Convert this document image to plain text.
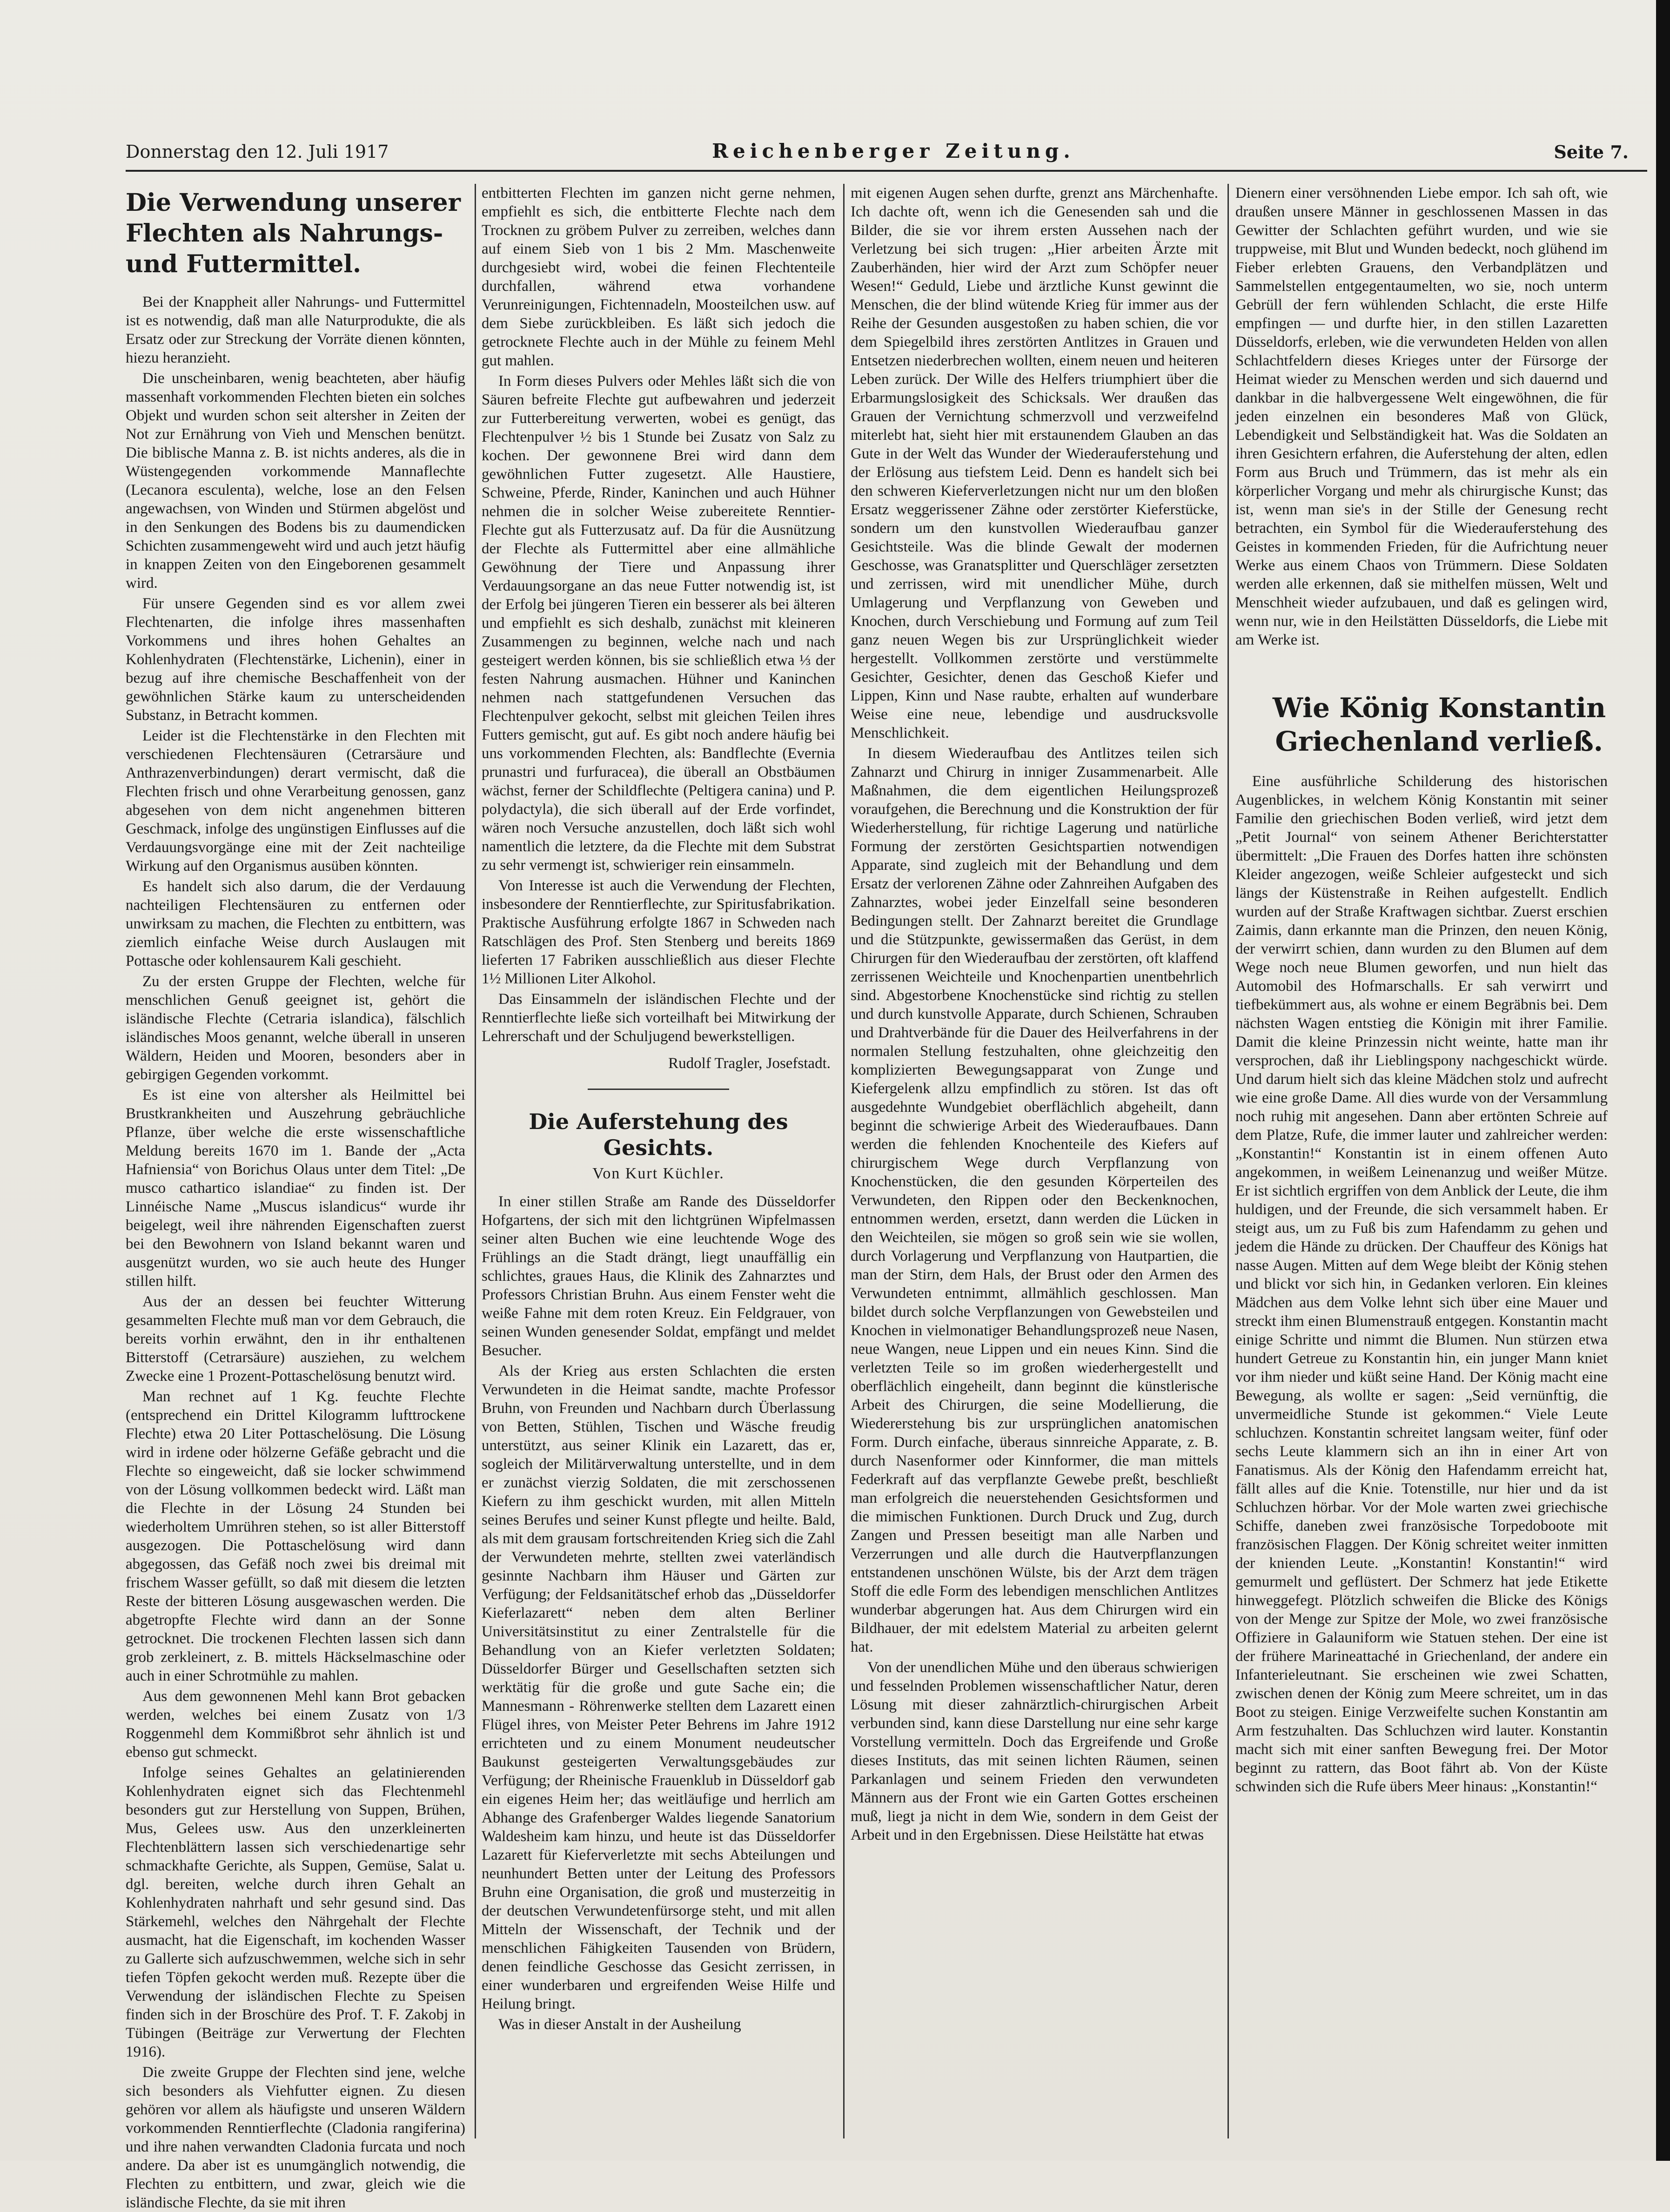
Donnerstag den 12. Juli 1917	Reichenberger Zeitung.	Seite 7.
Die Verwendung unserer Flechten als Nahrungs- und Futtermittel.

Bei der Knappheit aller Nahrungs- und Futtermittel ist es notwendig, daß man alle Naturprodukte, die als Ersatz oder zur Streckung der Vorräte dienen könnten, hiezu heranzieht.

Die unscheinbaren, wenig beachteten, aber häufig massenhaft vorkommenden Flechten bieten ein solches Objekt und wurden schon seit altersher in Zeiten der Not zur Ernährung von Vieh und Menschen benützt. Die biblische Manna z. B. ist nichts anderes, als die in Wüstengegenden vorkommende Mannaflechte (Lecanora esculenta), welche, lose an den Felsen angewachsen, von Winden und Stürmen abgelöst und in den Senkungen des Bodens bis zu daumendicken Schichten zusammengeweht wird und auch jetzt häufig in knappen Zeiten von den Eingeborenen gesammelt wird.

Für unsere Gegenden sind es vor allem zwei Flechtenarten, die infolge ihres massenhaften Vorkommens und ihres hohen Gehaltes an Kohlenhydraten (Flechtenstärke, Lichenin), einer in bezug auf ihre chemische Beschaffenheit von der gewöhnlichen Stärke kaum zu unterscheidenden Substanz, in Betracht kommen.

Leider ist die Flechtenstärke in den Flechten mit verschiedenen Flechtensäuren (Cetrarsäure und Anthrazenverbindungen) derart vermischt, daß die Flechten frisch und ohne Verarbeitung genossen, ganz abgesehen von dem nicht angenehmen bitteren Geschmack, infolge des ungünstigen Einflusses auf die Verdauungsvorgänge eine mit der Zeit nachteilige Wirkung auf den Organismus ausüben könnten.

Es handelt sich also darum, die der Verdauung nachteiligen Flechtensäuren zu entfernen oder unwirksam zu machen, die Flechten zu entbittern, was ziemlich einfache Weise durch Auslaugen mit Pottasche oder kohlensaurem Kali geschieht.

Zu der ersten Gruppe der Flechten, welche für menschlichen Genuß geeignet ist, gehört die isländische Flechte (Cetraria islandica), fälschlich isländisches Moos genannt, welche überall in unseren Wäldern, Heiden und Mooren, besonders aber in gebirgigen Gegenden vorkommt.

Es ist eine von altersher als Heilmittel bei Brustkrankheiten und Auszehrung gebräuchliche Pflanze, über welche die erste wissenschaftliche Meldung bereits 1670 im 1. Bande der „Acta Hafniensia“ von Borichus Olaus unter dem Titel: „De musco cathartico islandiae“ zu finden ist. Der Linnéische Name „Muscus islandicus“ wurde ihr beigelegt, weil ihre nährenden Eigenschaften zuerst bei den Bewohnern von Island bekannt waren und ausgenützt wurden, wo sie auch heute des Hunger stillen hilft.

Aus der an dessen bei feuchter Witterung gesammelten Flechte muß man vor dem Gebrauch, die bereits vorhin erwähnt, den in ihr enthaltenen Bitterstoff (Cetrarsäure) ausziehen, zu welchem Zwecke eine 1 Prozent-Pottaschelösung benutzt wird.

Man rechnet auf 1 Kg. feuchte Flechte (entsprechend ein Drittel Kilogramm lufttrockene Flechte) etwa 20 Liter Pottaschelösung. Die Lösung wird in irdene oder hölzerne Gefäße gebracht und die Flechte so eingeweicht, daß sie locker schwimmend von der Lösung vollkommen bedeckt wird. Läßt man die Flechte in der Lösung 24 Stunden bei wiederholtem Umrühren stehen, so ist aller Bitterstoff ausgezogen. Die Pottaschelösung wird dann abgegossen, das Gefäß noch zwei bis dreimal mit frischem Wasser gefüllt, so daß mit diesem die letzten Reste der bitteren Lösung ausgewaschen werden. Die abgetropfte Flechte wird dann an der Sonne getrocknet. Die trockenen Flechten lassen sich dann grob zerkleinert, z. B. mittels Häckselmaschine oder auch in einer Schrotmühle zu mahlen.

Aus dem gewonnenen Mehl kann Brot gebacken werden, welches bei einem Zusatz von 1/3 Roggenmehl dem Kommißbrot sehr ähnlich ist und ebenso gut schmeckt.

Infolge seines Gehaltes an gelatinierenden Kohlenhydraten eignet sich das Flechtenmehl besonders gut zur Herstellung von Suppen, Brühen, Mus, Gelees usw. Aus den unzerkleinerten Flechtenblättern lassen sich verschiedenartige sehr schmackhafte Gerichte, als Suppen, Gemüse, Salat u. dgl. bereiten, welche durch ihren Gehalt an Kohlenhydraten nahrhaft und sehr gesund sind. Das Stärkemehl, welches den Nährgehalt der Flechte ausmacht, hat die Eigenschaft, im kochenden Wasser zu Gallerte sich aufzuschwemmen, welche sich in sehr tiefen Töpfen gekocht werden muß. Rezepte über die Verwendung der isländischen Flechte zu Speisen finden sich in der Broschüre des Prof. T. F. Zakobj in Tübingen (Beiträge zur Verwertung der Flechten 1916).

Die zweite Gruppe der Flechten sind jene, welche sich besonders als Viehfutter eignen. Zu diesen gehören vor allem als häufigste und unseren Wäldern vorkommenden Renntierflechte (Cladonia rangiferina) und ihre nahen verwandten Cladonia furcata und noch andere. Da aber ist es unumgänglich notwendig, die Flechten zu entbittern, und zwar, gleich wie die isländische Flechte, da sie mit ihren

entbitterten Flechten im ganzen nicht gerne nehmen, empfiehlt es sich, die entbitterte Flechte nach dem Trocknen zu gröbem Pulver zu zerreiben, welches dann auf einem Sieb von 1 bis 2 Mm. Maschenweite durchgesiebt wird, wobei die feinen Flechtenteile durchfallen, während etwa vorhandene Verunreinigungen, Fichtennadeln, Moosteilchen usw. auf dem Siebe zurückbleiben. Es läßt sich jedoch die getrocknete Flechte auch in der Mühle zu feinem Mehl gut mahlen.

In Form dieses Pulvers oder Mehles läßt sich die von Säuren befreite Flechte gut aufbewahren und jederzeit zur Futterbereitung verwerten, wobei es genügt, das Flechtenpulver ½ bis 1 Stunde bei Zusatz von Salz zu kochen. Der gewonnene Brei wird dann dem gewöhnlichen Futter zugesetzt. Alle Haustiere, Schweine, Pferde, Rinder, Kaninchen und auch Hühner nehmen die in solcher Weise zubereitete Renntier-Flechte gut als Futterzusatz auf. Da für die Ausnützung der Flechte als Futtermittel aber eine allmähliche Gewöhnung der Tiere und Anpassung ihrer Verdauungsorgane an das neue Futter notwendig ist, ist der Erfolg bei jüngeren Tieren ein besserer als bei älteren und empfiehlt es sich deshalb, zunächst mit kleineren Zusammengen zu beginnen, welche nach und nach gesteigert werden können, bis sie schließlich etwa ⅓ der festen Nahrung ausmachen. Hühner und Kaninchen nehmen nach stattgefundenen Versuchen das Flechtenpulver gekocht, selbst mit gleichen Teilen ihres Futters gemischt, gut auf. Es gibt noch andere häufig bei uns vorkommenden Flechten, als: Bandflechte (Evernia prunastri und furfuracea), die überall an Obstbäumen wächst, ferner der Schildflechte (Peltigera canina) und P. polydactyla), die sich überall auf der Erde vorfindet, wären noch Versuche anzustellen, doch läßt sich wohl namentlich die letztere, da die Flechte mit dem Substrat zu sehr vermengt ist, schwieriger rein einsammeln.

Von Interesse ist auch die Verwendung der Flechten, insbesondere der Renntierflechte, zur Spiritusfabrikation. Praktische Ausführung erfolgte 1867 in Schweden nach Ratschlägen des Prof. Sten Stenberg und bereits 1869 lieferten 17 Fabriken ausschließlich aus dieser Flechte 1½ Millionen Liter Alkohol.

Das Einsammeln der isländischen Flechte und der Renntierflechte ließe sich vorteilhaft bei Mitwirkung der Lehrerschaft und der Schuljugend bewerkstelligen.

Rudolf Tragler, Josefstadt.
Die Auferstehung des Gesichts.
Von Kurt Küchler.

In einer stillen Straße am Rande des Düsseldorfer Hofgartens, der sich mit den lichtgrünen Wipfelmassen seiner alten Buchen wie eine leuchtende Woge des Frühlings an die Stadt drängt, liegt unauffällig ein schlichtes, graues Haus, die Klinik des Zahnarztes und Professors Christian Bruhn. Aus einem Fenster weht die weiße Fahne mit dem roten Kreuz. Ein Feldgrauer, von seinen Wunden genesender Soldat, empfängt und meldet Besucher.

Als der Krieg aus ersten Schlachten die ersten Verwundeten in die Heimat sandte, machte Professor Bruhn, von Freunden und Nachbarn durch Überlassung von Betten, Stühlen, Tischen und Wäsche freudig unterstützt, aus seiner Klinik ein Lazarett, das er, sogleich der Militärverwaltung unterstellte, und in dem er zunächst vierzig Soldaten, die mit zerschossenen Kiefern zu ihm geschickt wurden, mit allen Mitteln seines Berufes und seiner Kunst pflegte und heilte. Bald, als mit dem grausam fortschreitenden Krieg sich die Zahl der Verwundeten mehrte, stellten zwei vaterländisch gesinnte Nachbarn ihm Häuser und Gärten zur Verfügung; der Feldsanitätschef erhob das „Düsseldorfer Kieferlazarett“ neben dem alten Berliner Universitätsinstitut zu einer Zentralstelle für die Behandlung von an Kiefer verletzten Soldaten; Düsseldorfer Bürger und Gesellschaften setzten sich werktätig für die große und gute Sache ein; die Mannesmann - Röhrenwerke stellten dem Lazarett einen Flügel ihres, von Meister Peter Behrens im Jahre 1912 errichteten und zu einem Monument neudeutscher Baukunst gesteigerten Verwaltungsgebäudes zur Verfügung; der Rheinische Frauenklub in Düsseldorf gab ein eigenes Heim her; das weitläufige und herrlich am Abhange des Grafenberger Waldes liegende Sanatorium Waldesheim kam hinzu, und heute ist das Düsseldorfer Lazarett für Kieferverletzte mit sechs Abteilungen und neunhundert Betten unter der Leitung des Professors Bruhn eine Organisation, die groß und musterzeitig in der deutschen Verwundetenfürsorge steht, und mit allen Mitteln der Wissenschaft, der Technik und der menschlichen Fähigkeiten Tausenden von Brüdern, denen feindliche Geschosse das Gesicht zerrissen, in einer wunderbaren und ergreifenden Weise Hilfe und Heilung bringt.

Was in dieser Anstalt in der Ausheilung

mit eigenen Augen sehen durfte, grenzt ans Märchenhafte. Ich dachte oft, wenn ich die Genesenden sah und die Bilder, die sie vor ihrem ersten Aussehen nach der Verletzung bei sich trugen: „Hier arbeiten Ärzte mit Zauberhänden, hier wird der Arzt zum Schöpfer neuer Wesen!“ Geduld, Liebe und ärztliche Kunst gewinnt die Menschen, die der blind wütende Krieg für immer aus der Reihe der Gesunden ausgestoßen zu haben schien, die vor dem Spiegelbild ihres zerstörten Antlitzes in Grauen und Entsetzen niederbrechen wollten, einem neuen und heiteren Leben zurück. Der Wille des Helfers triumphiert über die Erbarmungslosigkeit des Schicksals. Wer draußen das Grauen der Vernichtung schmerzvoll und verzweifelnd miterlebt hat, sieht hier mit erstaunendem Glauben an das Gute in der Welt das Wunder der Wiederauferstehung und der Erlösung aus tiefstem Leid. Denn es handelt sich bei den schweren Kieferverletzungen nicht nur um den bloßen Ersatz weggerissener Zähne oder zerstörter Kieferstücke, sondern um den kunstvollen Wiederaufbau ganzer Gesichtsteile. Was die blinde Gewalt der modernen Geschosse, was Granatsplitter und Querschläger zersetzten und zerrissen, wird mit unendlicher Mühe, durch Umlagerung und Verpflanzung von Geweben und Knochen, durch Verschiebung und Formung auf zum Teil ganz neuen Wegen bis zur Ursprünglichkeit wieder hergestellt. Vollkommen zerstörte und verstümmelte Gesichter, Gesichter, denen das Geschoß Kiefer und Lippen, Kinn und Nase raubte, erhalten auf wunderbare Weise eine neue, lebendige und ausdrucksvolle Menschlichkeit.

In diesem Wiederaufbau des Antlitzes teilen sich Zahnarzt und Chirurg in inniger Zusammenarbeit. Alle Maßnahmen, die dem eigentlichen Heilungsprozeß voraufgehen, die Berechnung und die Konstruktion der für Wiederherstellung, für richtige Lagerung und natürliche Formung der zerstörten Gesichtspartien notwendigen Apparate, sind zugleich mit der Behandlung und dem Ersatz der verlorenen Zähne oder Zahnreihen Aufgaben des Zahnarztes, wobei jeder Einzelfall seine besonderen Bedingungen stellt. Der Zahnarzt bereitet die Grundlage und die Stützpunkte, gewissermaßen das Gerüst, in dem Chirurgen für den Wiederaufbau der zerstörten, oft klaffend zerrissenen Weichteile und Knochenpartien unentbehrlich sind. Abgestorbene Knochenstücke sind richtig zu stellen und durch kunstvolle Apparate, durch Schienen, Schrauben und Drahtverbände für die Dauer des Heilverfahrens in der normalen Stellung festzuhalten, ohne gleichzeitig den komplizierten Bewegungsapparat von Zunge und Kiefergelenk allzu empfindlich zu stören. Ist das oft ausgedehnte Wundgebiet oberflächlich abgeheilt, dann beginnt die schwierige Arbeit des Wiederaufbaues. Dann werden die fehlenden Knochenteile des Kiefers auf chirurgischem Wege durch Verpflanzung von Knochenstücken, die den gesunden Körperteilen des Verwundeten, den Rippen oder den Beckenknochen, entnommen werden, ersetzt, dann werden die Lücken in den Weichteilen, sie mögen so groß sein wie sie wollen, durch Vorlagerung und Verpflanzung von Hautpartien, die man der Stirn, dem Hals, der Brust oder den Armen des Verwundeten entnimmt, allmählich geschlossen. Man bildet durch solche Verpflanzungen von Gewebsteilen und Knochen in vielmonatiger Behandlungsprozeß neue Nasen, neue Wangen, neue Lippen und ein neues Kinn. Sind die verletzten Teile so im großen wiederhergestellt und oberflächlich eingeheilt, dann beginnt die künstlerische Arbeit des Chirurgen, die seine Modellierung, die Wiedererstehung bis zur ursprünglichen anatomischen Form. Durch einfache, überaus sinnreiche Apparate, z. B. durch Nasenformer oder Kinnformer, die man mittels Federkraft auf das verpflanzte Gewebe preßt, beschließt man erfolgreich die neuerstehenden Gesichtsformen und die mimischen Funktionen. Durch Druck und Zug, durch Zangen und Pressen beseitigt man alle Narben und Verzerrungen und alle durch die Hautverpflanzungen entstandenen unschönen Wülste, bis der Arzt dem trägen Stoff die edle Form des lebendigen menschlichen Antlitzes wunderbar abgerungen hat. Aus dem Chirurgen wird ein Bildhauer, der mit edelstem Material zu arbeiten gelernt hat.

Von der unendlichen Mühe und den überaus schwierigen und fesselnden Problemen wissenschaftlicher Natur, deren Lösung mit dieser zahnärztlich-chirurgischen Arbeit verbunden sind, kann diese Darstellung nur eine sehr karge Vorstellung vermitteln. Doch das Ergreifende und Große dieses Instituts, das mit seinen lichten Räumen, seinen Parkanlagen und seinem Frieden den verwundeten Männern aus der Front wie ein Garten Gottes erscheinen muß, liegt ja nicht in dem Wie, sondern in dem Geist der Arbeit und in den Ergebnissen. Diese Heilstätte hat etwas

Dienern einer versöhnenden Liebe empor. Ich sah oft, wie draußen unsere Männer in geschlossenen Massen in das Gewitter der Schlachten geführt wurden, und wie sie truppweise, mit Blut und Wunden bedeckt, noch glühend im Fieber erlebten Grauens, den Verbandplätzen und Sammelstellen entgegentaumelten, wo sie, noch unterm Gebrüll der fern wühlenden Schlacht, die erste Hilfe empfingen — und durfte hier, in den stillen Lazaretten Düsseldorfs, erleben, wie die verwundeten Helden von allen Schlachtfeldern dieses Krieges unter der Fürsorge der Heimat wieder zu Menschen werden und sich dauernd und dankbar in die halbvergessene Welt eingewöhnen, die für jeden einzelnen ein besonderes Maß von Glück, Lebendigkeit und Selbständigkeit hat. Was die Soldaten an ihren Gesichtern erfahren, die Auferstehung der alten, edlen Form aus Bruch und Trümmern, das ist mehr als ein körperlicher Vorgang und mehr als chirurgische Kunst; das ist, wenn man sie's in der Stille der Genesung recht betrachten, ein Symbol für die Wiederauferstehung des Geistes in kommenden Frieden, für die Aufrichtung neuer Werke aus einem Chaos von Trümmern. Diese Soldaten werden alle erkennen, daß sie mithelfen müssen, Welt und Menschheit wieder aufzubauen, und daß es gelingen wird, wenn nur, wie in den Heilstätten Düsseldorfs, die Liebe mit am Werke ist.

Wie König Konstantin
Griechenland verließ.

Eine ausführliche Schilderung des historischen Augenblickes, in welchem König Konstantin mit seiner Familie den griechischen Boden verließ, wird jetzt dem „Petit Journal“ von seinem Athener Berichterstatter übermittelt: „Die Frauen des Dorfes hatten ihre schönsten Kleider angezogen, weiße Schleier aufgesteckt und sich längs der Küstenstraße in Reihen aufgestellt. Endlich wurden auf der Straße Kraftwagen sichtbar. Zuerst erschien Zaimis, dann erkannte man die Prinzen, den neuen König, der verwirrt schien, dann wurden zu den Blumen auf dem Wege noch neue Blumen geworfen, und nun hielt das Automobil des Hofmarschalls. Er sah verwirrt und tiefbekümmert aus, als wohne er einem Begräbnis bei. Dem nächsten Wagen entstieg die Königin mit ihrer Familie. Damit die kleine Prinzessin nicht weinte, hatte man ihr versprochen, daß ihr Lieblingspony nachgeschickt würde. Und darum hielt sich das kleine Mädchen stolz und aufrecht wie eine große Dame. All dies wurde von der Versammlung noch ruhig mit angesehen. Dann aber ertönten Schreie auf dem Platze, Rufe, die immer lauter und zahlreicher werden: „Konstantin!“ Konstantin ist in einem offenen Auto angekommen, in weißem Leinenanzug und weißer Mütze. Er ist sichtlich ergriffen von dem Anblick der Leute, die ihm huldigen, und der Freunde, die sich versammelt haben. Er steigt aus, um zu Fuß bis zum Hafendamm zu gehen und jedem die Hände zu drücken. Der Chauffeur des Königs hat nasse Augen. Mitten auf dem Wege bleibt der König stehen und blickt vor sich hin, in Gedanken verloren. Ein kleines Mädchen aus dem Volke lehnt sich über eine Mauer und streckt ihm einen Blumenstrauß entgegen. Konstantin macht einige Schritte und nimmt die Blumen. Nun stürzen etwa hundert Getreue zu Konstantin hin, ein junger Mann kniet vor ihm nieder und küßt seine Hand. Der König macht eine Bewegung, als wollte er sagen: „Seid vernünftig, die unvermeidliche Stunde ist gekommen.“ Viele Leute schluchzen. Konstantin schreitet langsam weiter, fünf oder sechs Leute klammern sich an ihn in einer Art von Fanatismus. Als der König den Hafendamm erreicht hat, fällt alles auf die Knie. Totenstille, nur hier und da ist Schluchzen hörbar. Vor der Mole warten zwei griechische Schiffe, daneben zwei französische Torpedoboote mit französischen Flaggen. Der König schreitet weiter inmitten der knienden Leute. „Konstantin! Konstantin!“ wird gemurmelt und geflüstert. Der Schmerz hat jede Etikette hinweggefegt. Plötzlich schweifen die Blicke des Königs von der Menge zur Spitze der Mole, wo zwei französische Offiziere in Galauniform wie Statuen stehen. Der eine ist der frühere Marineattaché in Griechenland, der andere ein Infanterieleutnant. Sie erscheinen wie zwei Schatten, zwischen denen der König zum Meere schreitet, um in das Boot zu steigen. Einige Verzweifelte suchen Konstantin am Arm festzuhalten. Das Schluchzen wird lauter. Konstantin macht sich mit einer sanften Bewegung frei. Der Motor beginnt zu rattern, das Boot fährt ab. Von der Küste schwinden sich die Rufe übers Meer hinaus: „Konstantin!“
